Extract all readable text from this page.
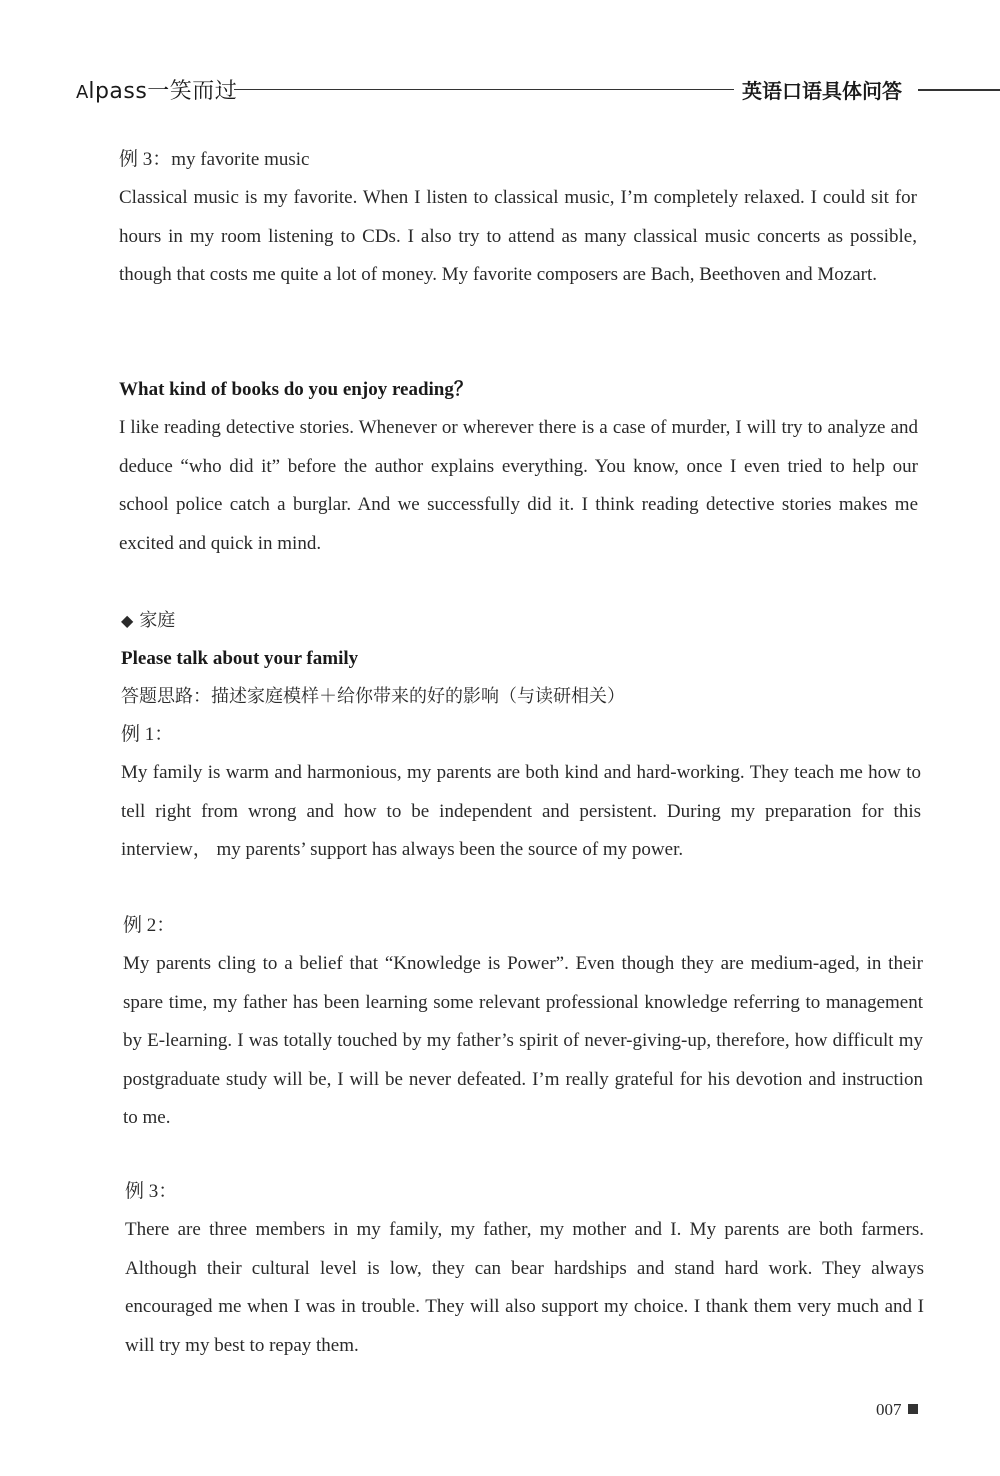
Alpass一笑而过	英语口语具体问答
例 3：my favorite music
Classical music is my favorite. When I listen to classical music, I’m completely relaxed. I could sit for hours in my room listening to CDs. I also try to attend as many classical music concerts as possible, though that costs me quite a lot of money. My favorite composers are Bach, Beethoven and Mozart.
What kind of books do you enjoy reading？
I like reading detective stories. Whenever or wherever there is a case of murder, I will try to analyze and deduce “who did it” before the author explains everything. You know, once I even tried to help our school police catch a burglar. And we successfully did it. I think reading detective stories makes me excited and quick in mind.
◆ 家庭
Please talk about your family
答题思路：描述家庭模样＋给你带来的好的影响（与读研相关）
例 1：
My family is warm and harmonious, my parents are both kind and hard-working. They teach me how to tell right from wrong and how to be independent and persistent. During my preparation for this interview， my parents’ support has always been the source of my power.
例 2：
My parents cling to a belief that “Knowledge is Power”. Even though they are medium-aged, in their spare time, my father has been learning some relevant professional knowledge referring to management by E-learning. I was totally touched by my father’s spirit of never-giving-up, therefore, how difficult my postgraduate study will be, I will be never defeated. I’m really grateful for his devotion and instruction to me.
例 3：
There are three members in my family, my father, my mother and I. My parents are both farmers. Although their cultural level is low, they can bear hardships and stand hard work. They always encouraged me when I was in trouble. They will also support my choice. I thank them very much and I will try my best to repay them.
007
